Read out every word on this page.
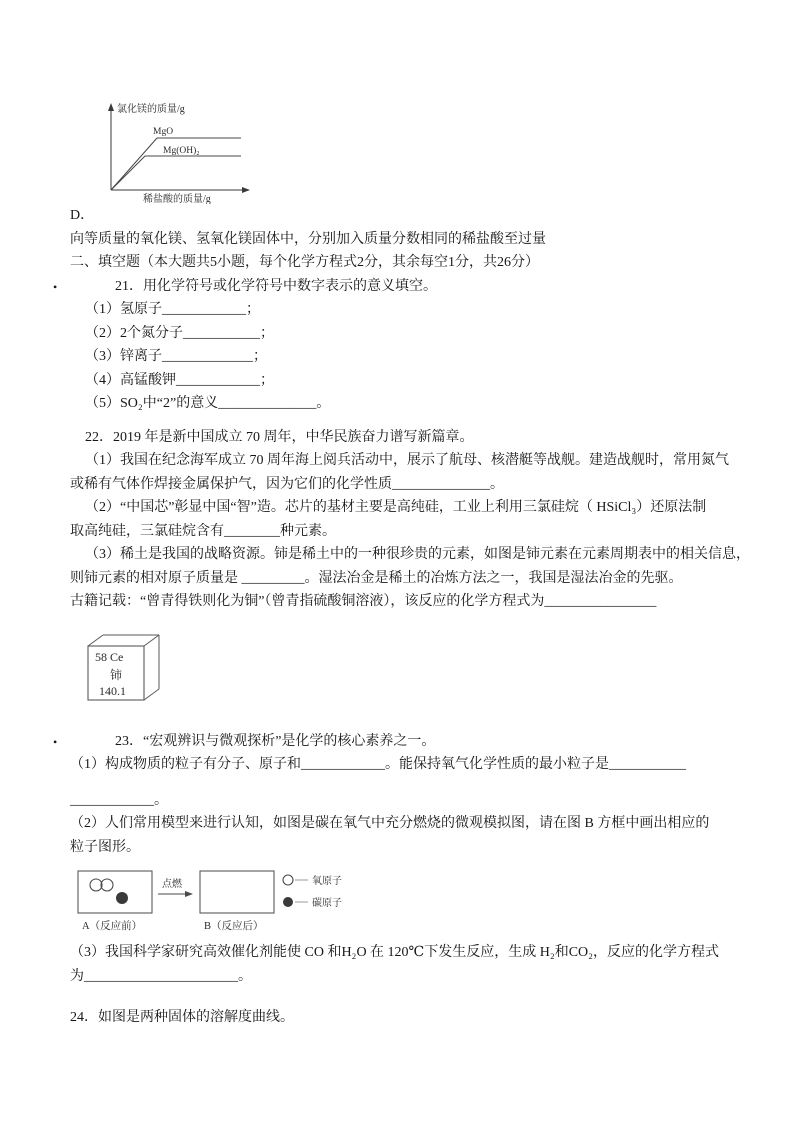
氯化镁的质量/g
MgO
Mg(OH)₂
稀盐酸的质量/g
D．
向等质量的氧化镁、氢氧化镁固体中，分别加入质量分数相同的稀盐酸至过量
二、填空题（本大题共5小题，每个化学方程式2分，其余每空1分，共26分）
•	21．用化学符号或化学符号中数字表示的意义填空。
（1）氢原子____________；
（2）2个氮分子___________；
（3）锌离子_____________；
（4）高锰酸钾____________；
（5）SO₂中“2”的意义______________。
22．2019 年是新中国成立 70 周年，中华民族奋力谱写新篇章。
（1）我国在纪念海军成立 70 周年海上阅兵活动中，展示了航母、核潜艇等战舰。建造战舰时，常用氮气
或稀有气体作焊接金属保护气，因为它们的化学性质______________。
（2）“中国芯”彰显中国“智”造。芯片的基材主要是高纯硅，工业上利用三氯硅烷（ HSiCl₃）还原法制
取高纯硅，三氯硅烷含有________种元素。
（3）稀土是我国的战略资源。铈是稀土中的一种很珍贵的元素，如图是铈元素在元素周期表中的相关信息，
则铈元素的相对原子质量是 _________。湿法冶金是稀土的冶炼方法之一，我国是湿法冶金的先驱。
古籍记载：“曾青得铁则化为铜”（曾青指硫酸铜溶液），该反应的化学方程式为________________
58 Ce
铈
140.1
•	23．“宏观辨识与微观探析”是化学的核心素养之一。
（1）构成物质的粒子有分子、原子和____________。能保持氧气化学性质的最小粒子是___________
____________。
（2）人们常用模型来进行认知，如图是碳在氧气中充分燃烧的微观模拟图，请在图 B 方框中画出相应的
粒子图形。
点燃	氧原子
碳原子
A（反应前）	B（反应后）
（3）我国科学家研究高效催化剂能使 CO 和H₂O 在 120℃下发生反应，生成 H₂和CO₂，反应的化学方程式
为______________________。
24．如图是两种固体的溶解度曲线。
